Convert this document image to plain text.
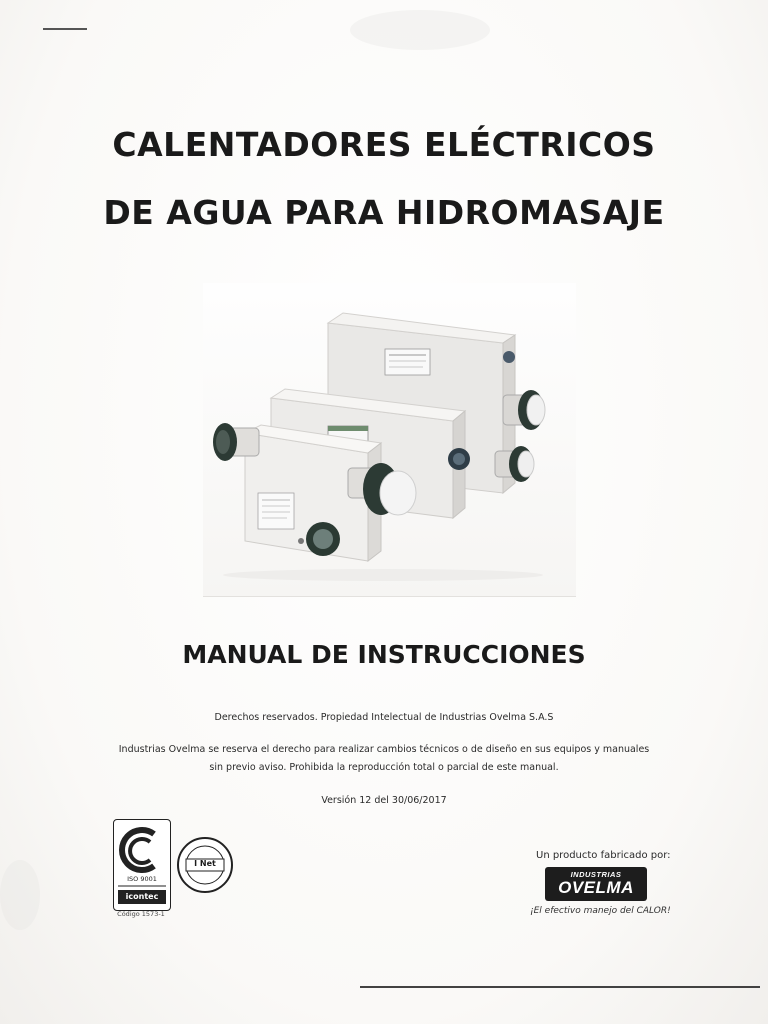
CALENTADORES ELÉCTRICOS
DE AGUA PARA HIDROMASAJE
MANUAL DE INSTRUCCIONES
Derechos reservados. Propiedad Intelectual de Industrias Ovelma S.A.S
Industrias Ovelma se reserva el derecho para realizar cambios técnicos o de diseño en sus equipos y manuales
sin previo aviso. Prohibida la reproducción total o parcial de este manual.
Versión 12 del 30/06/2017
ISO 9001
icontec
Código 1573-1
I Net
Un producto fabricado por:
INDUSTRIAS
OVELMA
¡El efectivo manejo del CALOR!
